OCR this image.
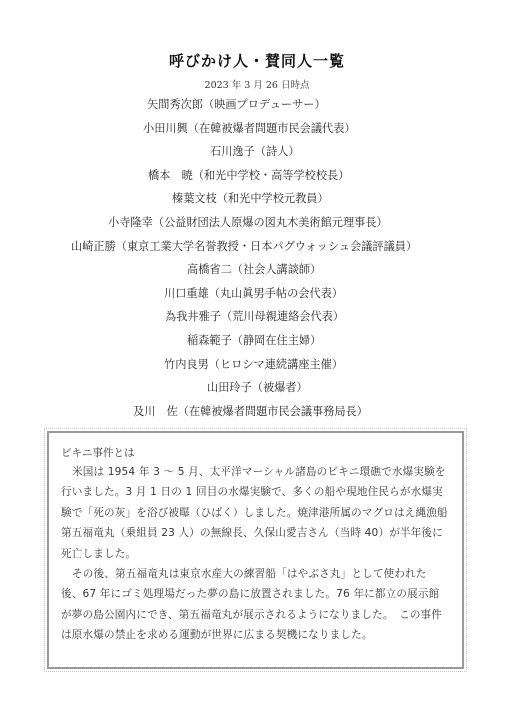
呼びかけ人・賛同人一覧
2023 年 3 月 26 日時点
矢間秀次郎（映画プロデューサー）
小田川興（在韓被爆者問題市民会議代表）
石川逸子（詩人）
橋本　暁（和光中学校・高等学校校長）
榛葉文枝（和光中学校元教員）
小寺隆幸（公益財団法人原爆の図丸木美術館元理事長）
山崎正勝（東京工業大学名誉教授・日本パグウォッシュ会議評議員）
高橋省二（社会人講談師）
川口重雄（丸山眞男手帖の会代表）
為我井雅子（荒川母親連絡会代表）
稲森範子（静岡在住主婦）
竹内良男（ヒロシマ連続講座主催）
山田玲子（被爆者）
及川　佐（在韓被爆者問題市民会議事務局長）
ビキニ事件とは

米国は 1954 年 3 ～ 5 月、太平洋マーシャル諸島のビキニ環礁で水爆実験を行いました。3 月 1 日の 1 回目の水爆実験で、多くの船や現地住民らが水爆実験で「死の灰」を浴び被曝（ひばく）しました。焼津港所属のマグロはえ縄漁船第五福竜丸（乗組員 23 人）の無線長、久保山愛吉さん（当時 40）が半年後に死亡しました。

その後、第五福竜丸は東京水産大の練習船「はやぶさ丸」として使われた後、67 年にゴミ処理場だった夢の島に放置されました。76 年に都立の展示館が夢の島公園内にでき、第五福竜丸が展示されるようになりました。　この事件は原水爆の禁止を求める運動が世界に広まる契機になりました。
